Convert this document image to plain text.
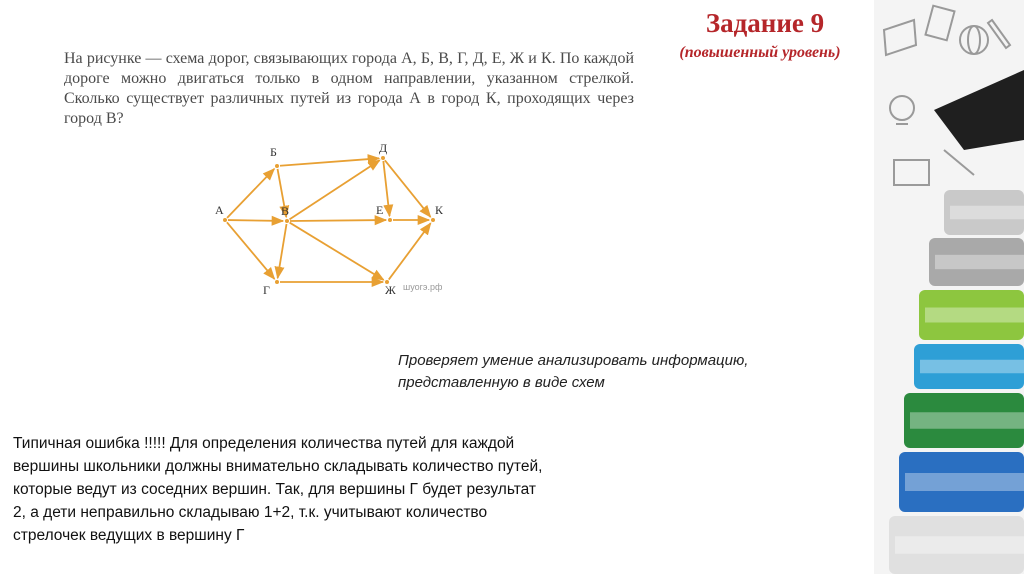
Задание 9
(повышенный уровень)
На рисунке — схема дорог, связывающих города А, Б, В, Г, Д, Е, Ж и К. По каждой дороге можно двигаться только в одном направлении, указанном стрелкой. Сколько существует различных путей из города А в город К, проходящих через город В?
А
Б
В
Г
Д
Е
Ж
К
шуогэ.рф
Проверяет умение анализировать информацию, представленную в виде схем
Типичная ошибка !!!!! Для определения количества путей для каждой вершины школьники должны внимательно складывать количество путей, которые ведут из соседних вершин. Так, для вершины Г будет результат 2, а дети неправильно складываю 1+2, т.к. учитывают количество стрелочек ведущих в вершину Г
